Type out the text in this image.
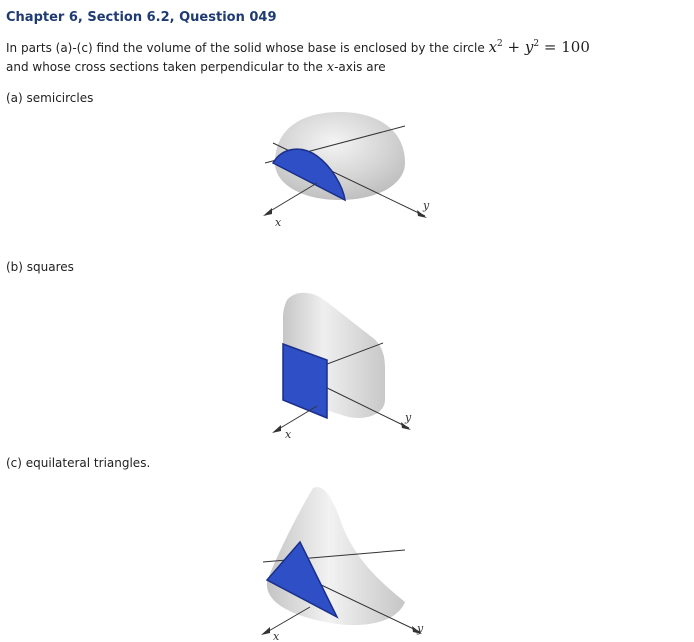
Chapter 6, Section 6.2, Question 049
In parts (a)-(c) find the volume of the solid whose base is enclosed by the circle $x^2 + y^2 = 100$
and whose cross sections taken perpendicular to the x-axis are
(a) semicircles
x
y
(b) squares
x
y
(c) equilateral triangles.
x
y
